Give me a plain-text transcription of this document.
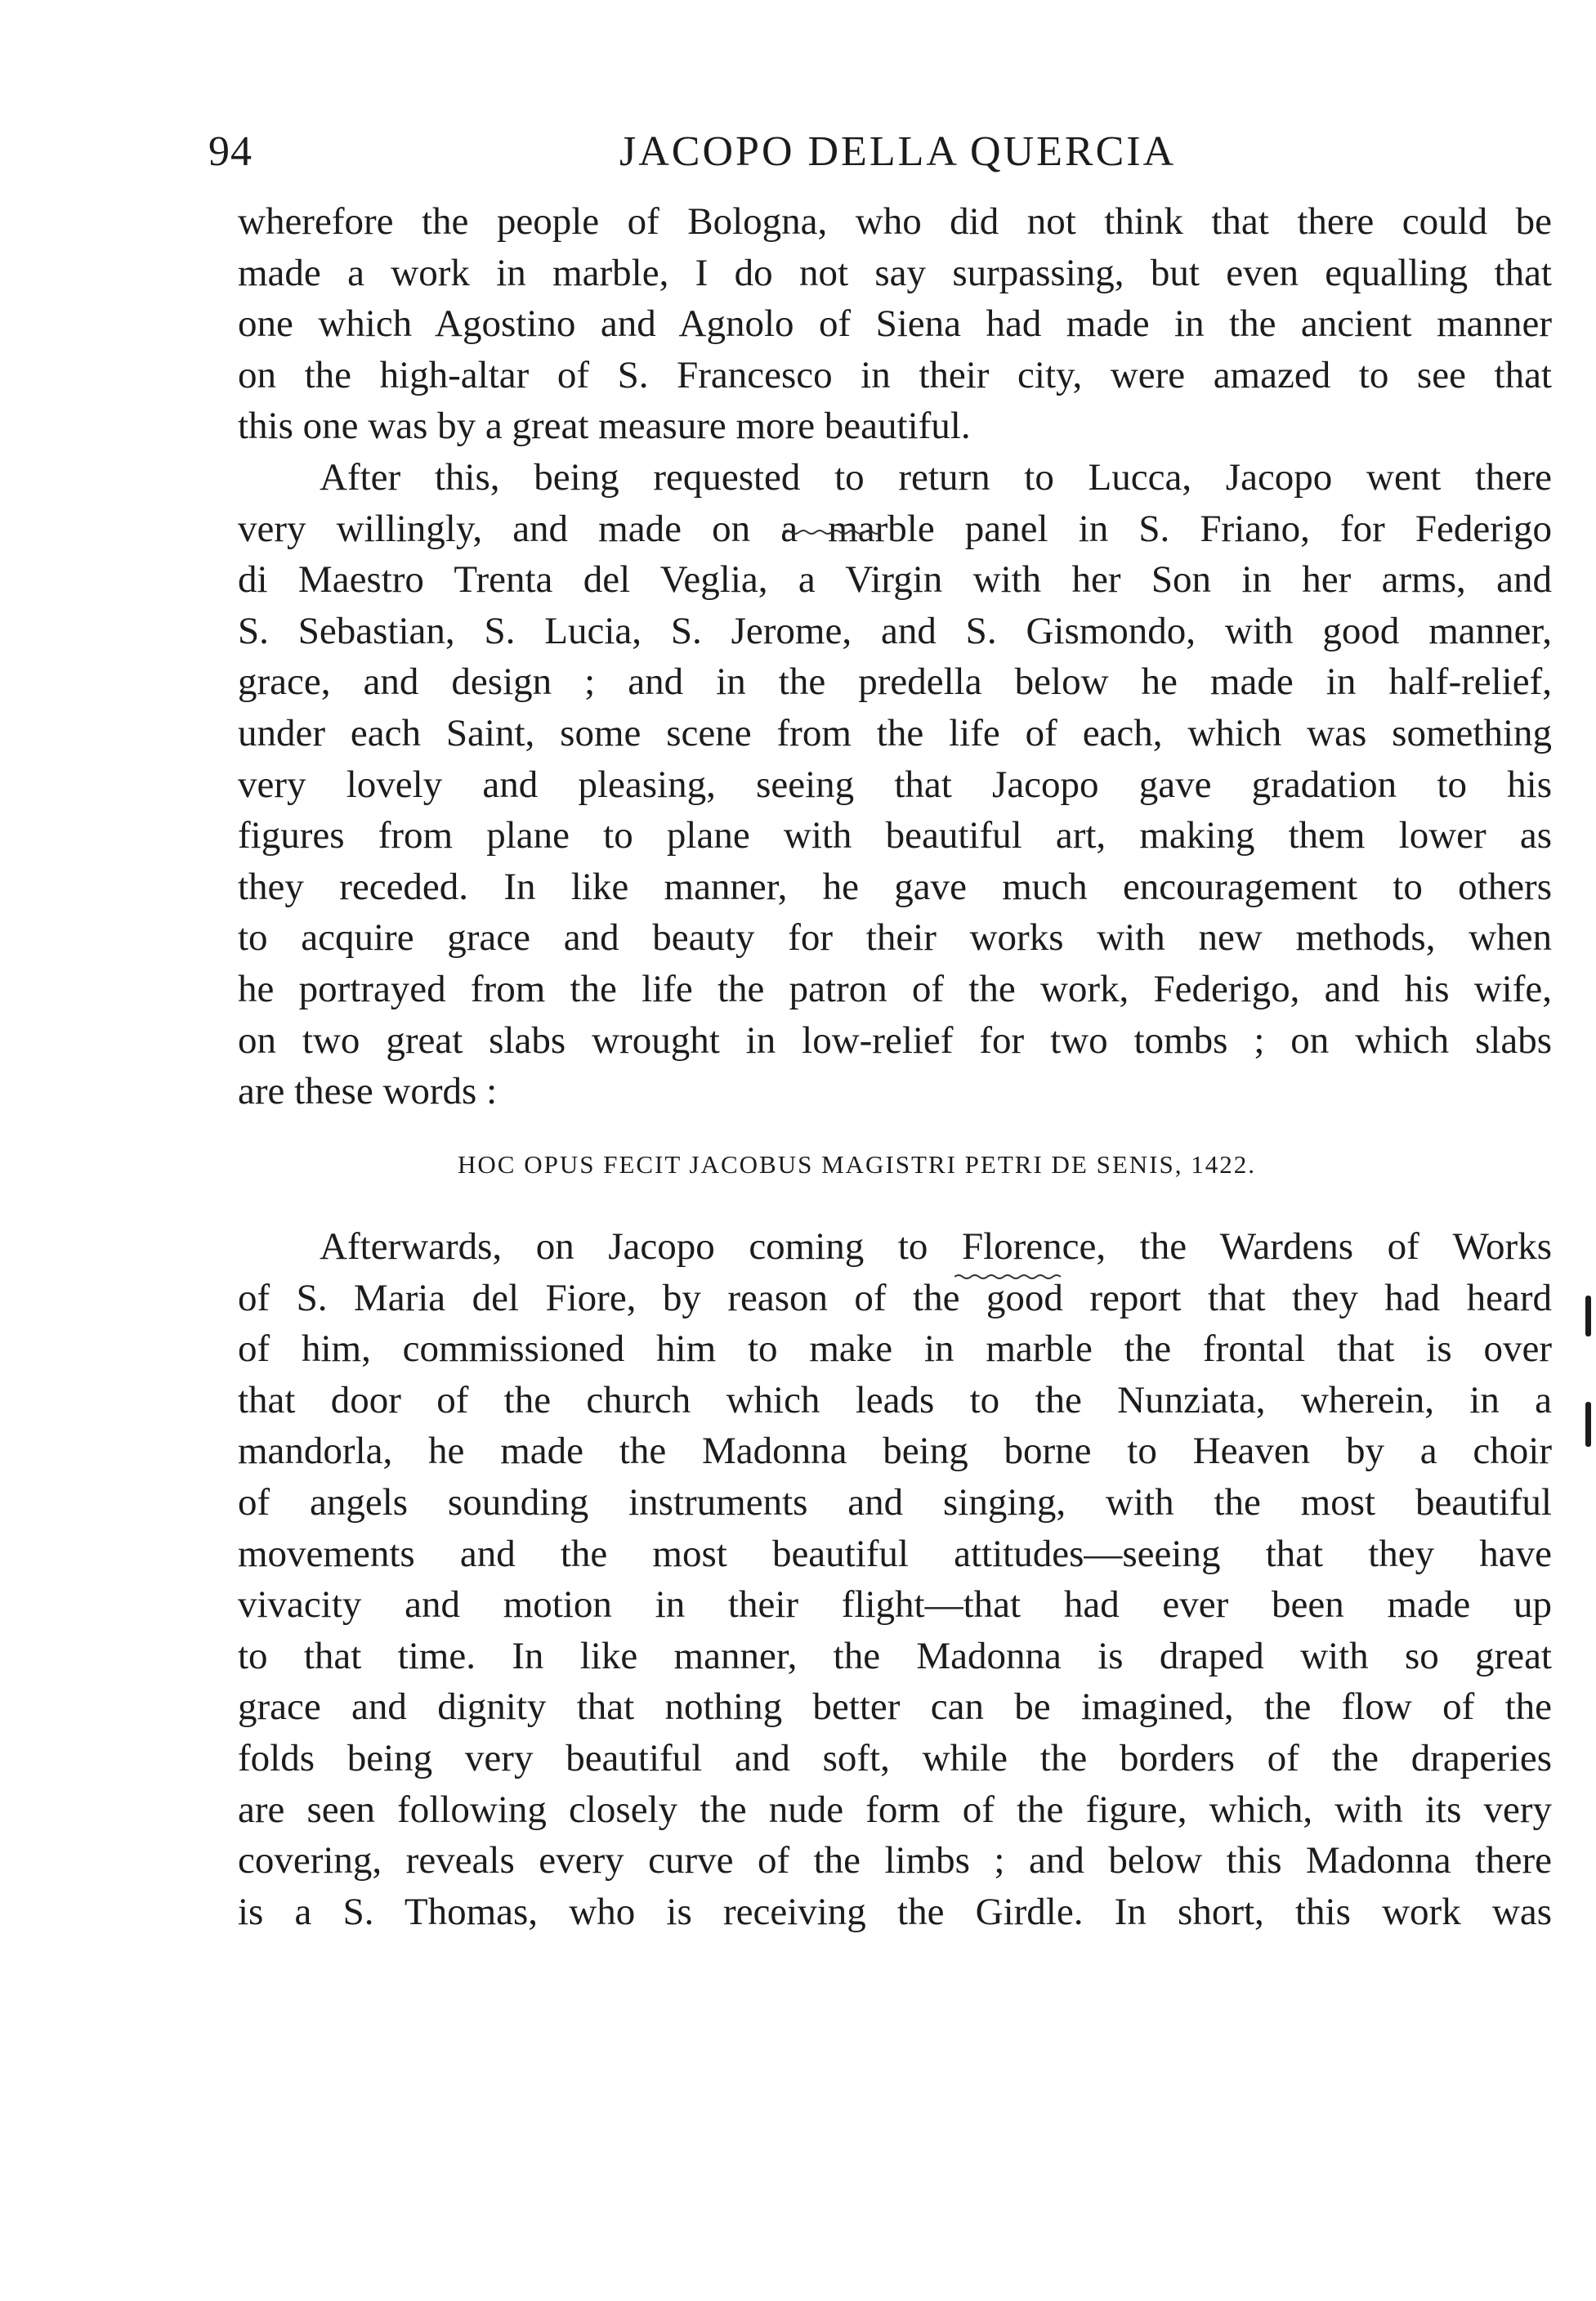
94	JACOPO DELLA QUERCIA
wherefore the people of Bologna, who did not think that there could be
made a work in marble, I do not say surpassing, but even equalling that
one which Agostino and Agnolo of Siena had made in the ancient manner
on the high-altar of S. Francesco in their city, were amazed to see that
this one was by a great measure more beautiful.
After this, being requested to return to Lucca, Jacopo went there
very willingly, and made on a marble panel in S. Friano, for Federigo
di Maestro Trenta del Veglia, a Virgin with her Son in her arms, and
S. Sebastian, S. Lucia, S. Jerome, and S. Gismondo, with good manner,
grace, and design ; and in the predella below he made in half-relief,
under each Saint, some scene from the life of each, which was something
very lovely and pleasing, seeing that Jacopo gave gradation to his
figures from plane to plane with beautiful art, making them lower as
they receded. In like manner, he gave much encouragement to others
to acquire grace and beauty for their works with new methods, when
he portrayed from the life the patron of the work, Federigo, and his wife,
on two great slabs wrought in low-relief for two tombs ; on which slabs
are these words :
HOC OPUS FECIT JACOBUS MAGISTRI PETRI DE SENIS, 1422.
Afterwards, on Jacopo coming to Florence, the Wardens of Works
of S. Maria del Fiore, by reason of the good report that they had heard
of him, commissioned him to make in marble the frontal that is over
that door of the church which leads to the Nunziata, wherein, in a
mandorla, he made the Madonna being borne to Heaven by a choir
of angels sounding instruments and singing, with the most beautiful
movements and the most beautiful attitudes—seeing that they have
vivacity and motion in their flight—that had ever been made up
to that time. In like manner, the Madonna is draped with so great
grace and dignity that nothing better can be imagined, the flow of the
folds being very beautiful and soft, while the borders of the draperies
are seen following closely the nude form of the figure, which, with its very
covering, reveals every curve of the limbs ; and below this Madonna there
is a S. Thomas, who is receiving the Girdle. In short, this work was
